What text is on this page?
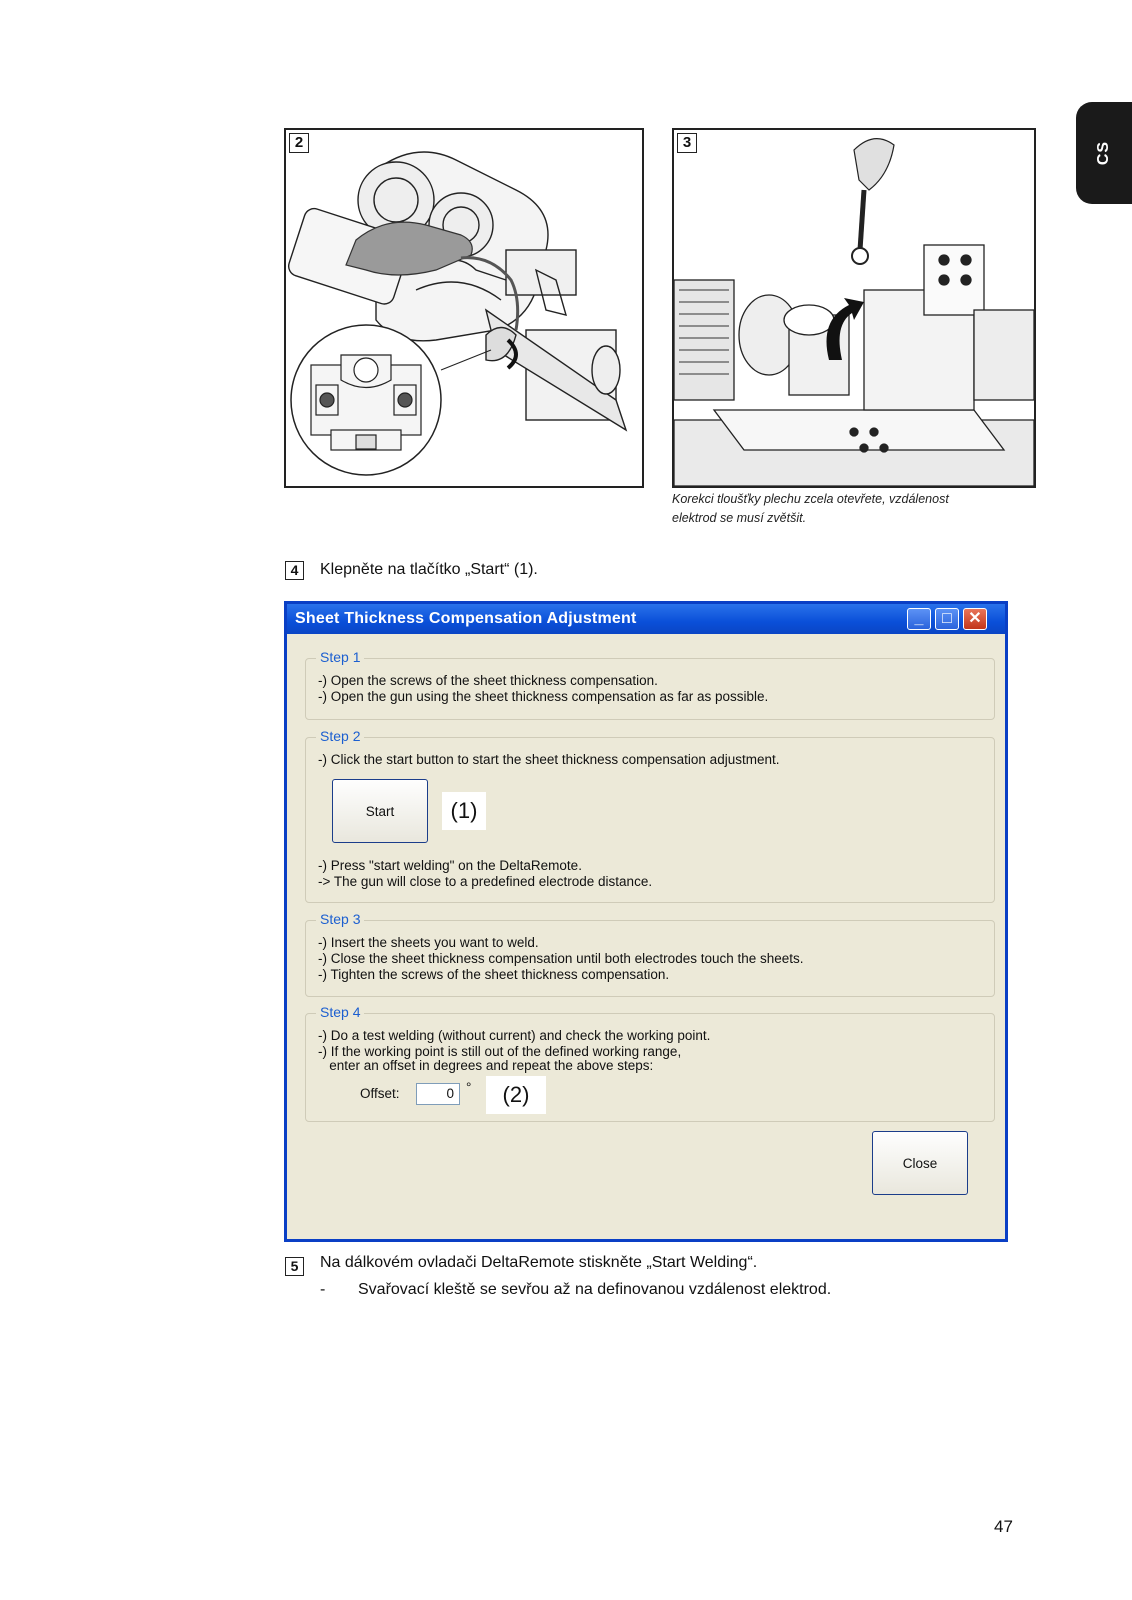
CS
2	3
Korekci tloušťky plechu zcela otevřete, vzdálenost
elektrod se musí zvětšit.
4	Klepněte na tlačítko „Start“ (1).
Sheet Thickness Compensation Adjustment	_	□	✕
Step 1
-) Open the screws of the sheet thickness compensation.
-) Open the gun using the sheet thickness compensation as far as possible.
Step 2
-) Click the start button to start the sheet thickness compensation adjustment.
Start	(1)
-) Press "start welding" on the DeltaRemote.
-> The gun will close to a predefined electrode distance.
Step 3
-) Insert the sheets you want to weld.
-) Close the sheet thickness compensation until both electrodes touch the sheets.
-) Tighten the screws of the sheet thickness compensation.
Step 4
-) Do a test welding (without current) and check the working point.
-) If the working point is still out of the defined working range,
enter an offset in degrees and repeat the above steps:
Offset:	0 °	(2)
Close
5	Na dálkovém ovladači DeltaRemote stiskněte „Start Welding“.
- Svařovací kleště se sevřou až na definovanou vzdálenost elektrod.
47
